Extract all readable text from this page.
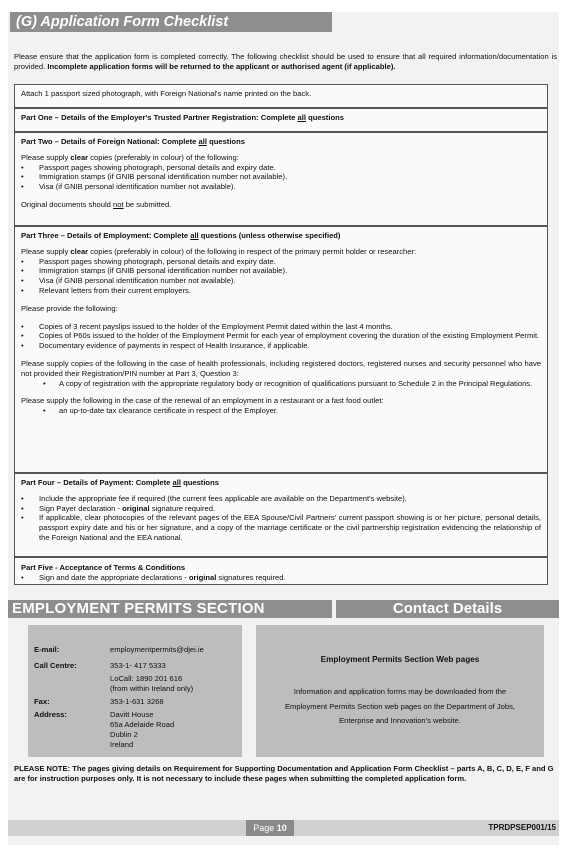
(G) Application Form Checklist
Please ensure that the application form is completed correctly. The following checklist should be used to ensure that all required information/documentation is provided. Incomplete application forms will be returned to the applicant or authorised agent (if applicable).
Attach 1 passport sized photograph, with Foreign National's name printed on the back.
Part One – Details of the Employer's Trusted Partner Registration: Complete all questions
Part Two – Details of Foreign National: Complete all questions
Please supply clear copies (preferably in colour) of the following:
• Passport pages showing photograph, personal details and expiry date.
• Immigration stamps (if GNIB personal identification number not available).
• Visa (if GNIB personal identification number not available).
Original documents should not be submitted.
Part Three – Details of Employment: Complete all questions (unless otherwise specified)
Please supply clear copies (preferably in colour) of the following in respect of the primary permit holder or researcher:
• Passport pages showing photograph, personal details and expiry date.
• Immigration stamps (if GNIB personal identification number not available).
• Visa (if GNIB personal identification number not available).
• Relevant letters from their current employers.
Please provide the following:
• Copies of 3 recent payslips issued to the holder of the Employment Permit dated within the last 4 months.
• Copies of P60s issued to the holder of the Employment Permit for each year of employment covering the duration of the existing Employment Permit.
• Documentary evidence of payments in respect of Health Insurance, if applicable.
Please supply copies of the following in the case of health professionals, including registered doctors, registered nurses and security personnel who have not provided their Registration/PIN number at Part 3, Question 3:
• A copy of registration with the appropriate regulatory body or recognition of qualifications pursuant to Schedule 2 in the Principal Regulations.
Please supply the following in the case of the renewal of an employment in a restaurant or a fast food outlet:
• an up-to-date tax clearance certificate in respect of the Employer.
Part Four – Details of Payment: Complete all questions
• Include the appropriate fee if required (the current fees applicable are available on the Department's website).
• Sign Payer declaration - original signature required.
• If applicable, clear photocopies of the relevant pages of the EEA Spouse/Civil Partners' current passport showing is or her picture, personal details, passport expiry date and his or her signature, and a copy of the marriage certificate or the civil partnership registration evidencing the relationship of the Foreign National and the EEA national.
Part Five - Acceptance of Terms & Conditions
• Sign and date the appropriate declarations - original signatures required.
EMPLOYMENT PERMITS SECTION	Contact Details
E-mail:	employmentpermits@djei.ie
Call Centre:	353-1- 417 5333
LoCall: 1890 201 616
(from within Ireland only)
Fax:	353-1-631 3268
Address:	Davitt House
65a Adelaide Road
Dublin 2
Ireland
Employment Permits Section Web pages
Information and application forms may be downloaded from the
Employment Permits Section web pages on the Department of Jobs,
Enterprise and Innovation's website.
PLEASE NOTE: The pages giving details on Requirement for Supporting Documentation and Application Form Checklist – parts A, B, C, D, E, F and G are for instruction purposes only. It is not necessary to include these pages when submitting the completed application form.
Page 10	TPRDPSEP001/15
